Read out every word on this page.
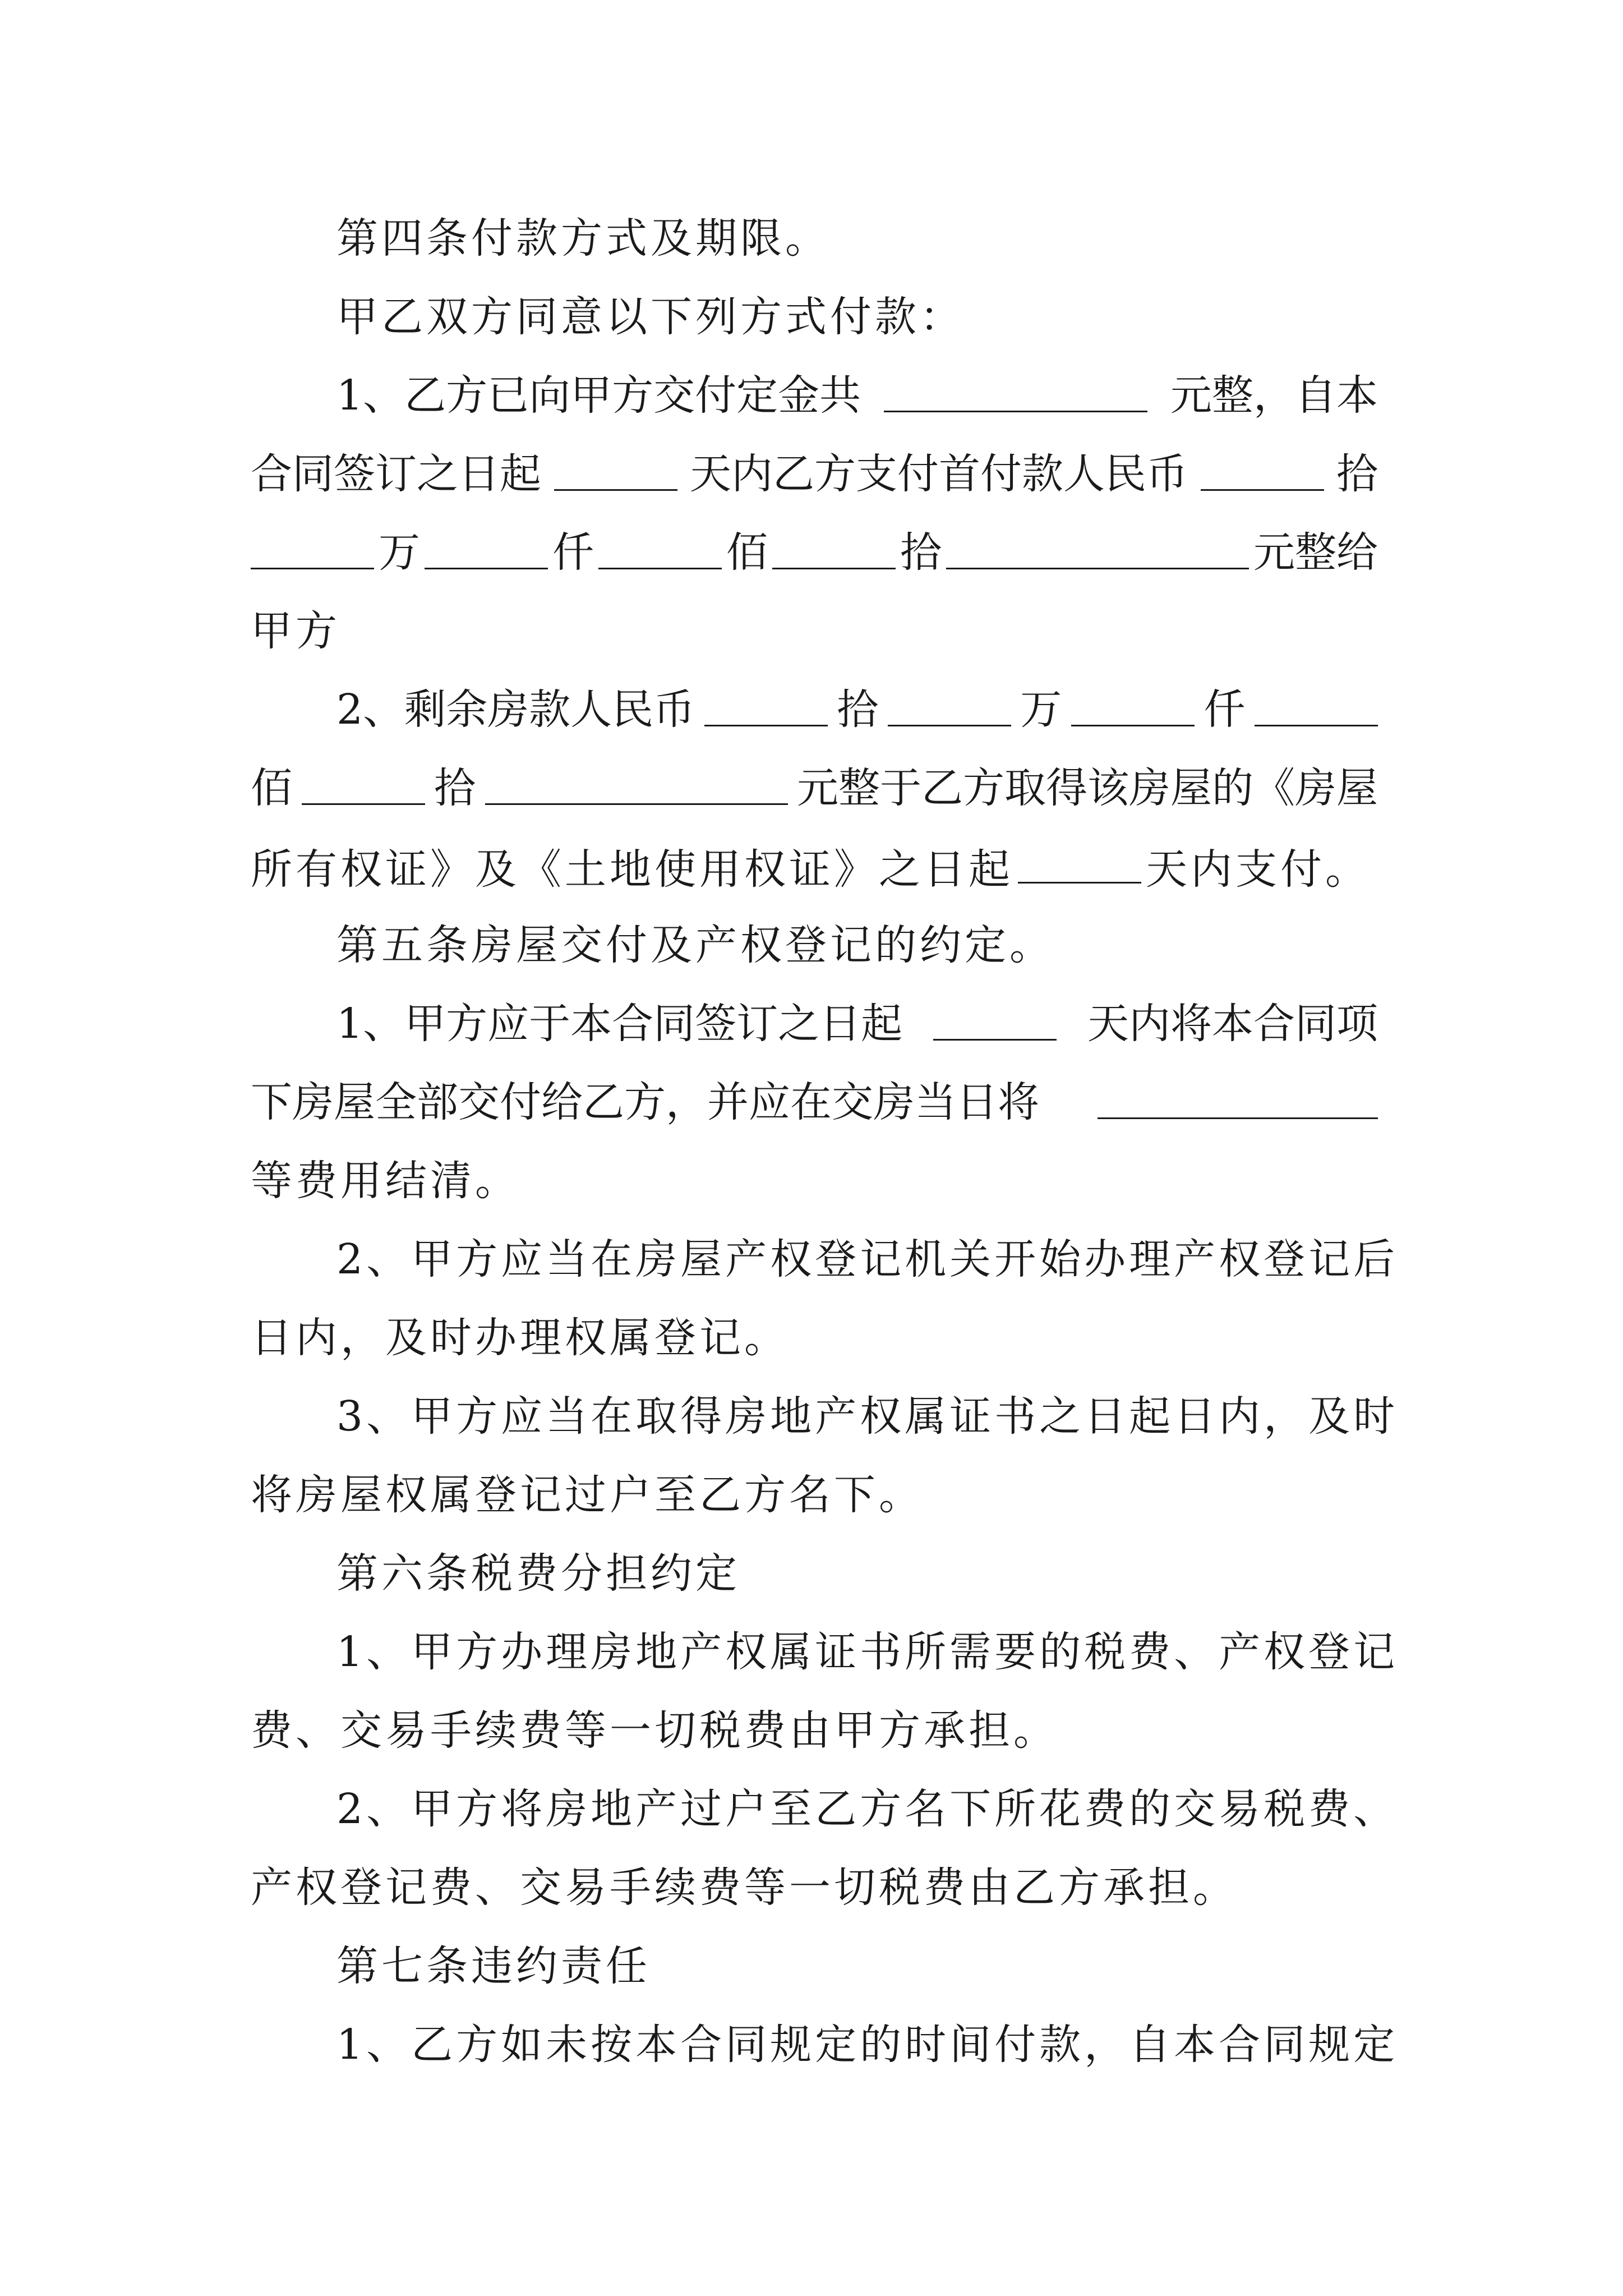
第四条付款方式及期限。
甲乙双方同意以下列方式付款：
1、乙方已向甲方交付定金共	元整，自本
合同签订之日起	天内乙方支付首付款人民币	拾
万	仟	佰	拾	元整给
甲方
2、剩余房款人民币	拾	万	仟
佰	拾	元整于乙方取得该房屋的《房屋
所有权证》及《土地使用权证》之日起	天内支付。
第五条房屋交付及产权登记的约定。
1、甲方应于本合同签订之日起	天内将本合同项
下房屋全部交付给乙方，并应在交房当日将
等费用结清。
2、甲方应当在房屋产权登记机关开始办理产权登记后
日内，及时办理权属登记。
3、甲方应当在取得房地产权属证书之日起日内，及时
将房屋权属登记过户至乙方名下。
第六条税费分担约定
1、甲方办理房地产权属证书所需要的税费、产权登记
费、交易手续费等一切税费由甲方承担。
2、甲方将房地产过户至乙方名下所花费的交易税费、
产权登记费、交易手续费等一切税费由乙方承担。
第七条违约责任
1、乙方如未按本合同规定的时间付款，自本合同规定
